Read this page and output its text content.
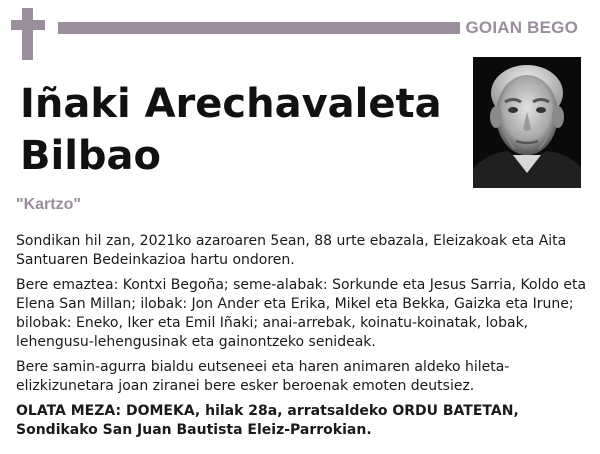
GOIAN BEGO
Iñaki Arechavaleta
Bilbao
"Kartzo"

Sondikan hil zan, 2021ko azaroaren 5ean, 88 urte ebazala, Eleizakoak eta Aita Santuaren Bedeinkazioa hartu ondoren.

Bere emaztea: Kontxi Begoña; seme-alabak: Sorkunde eta Jesus Sarria, Koldo eta Elena San Millan; ilobak: Jon Ander eta Erika, Mikel eta Bekka, Gaizka eta Irune; bilobak: Eneko, Iker eta Emil Iñaki; anai-arrebak, koinatu-koinatak, lobak, lehengusu-lehengusinak eta gainontzeko senideak.

Bere samin-agurra bialdu eutseneei eta haren animaren aldeko hileta-elizkizunetara joan ziranei bere esker beroenak emoten deutsiez.

OLATA MEZA: DOMEKA, hilak 28a, arratsaldeko ORDU BATETAN, Sondikako San Juan Bautista Eleiz-Parrokian.
